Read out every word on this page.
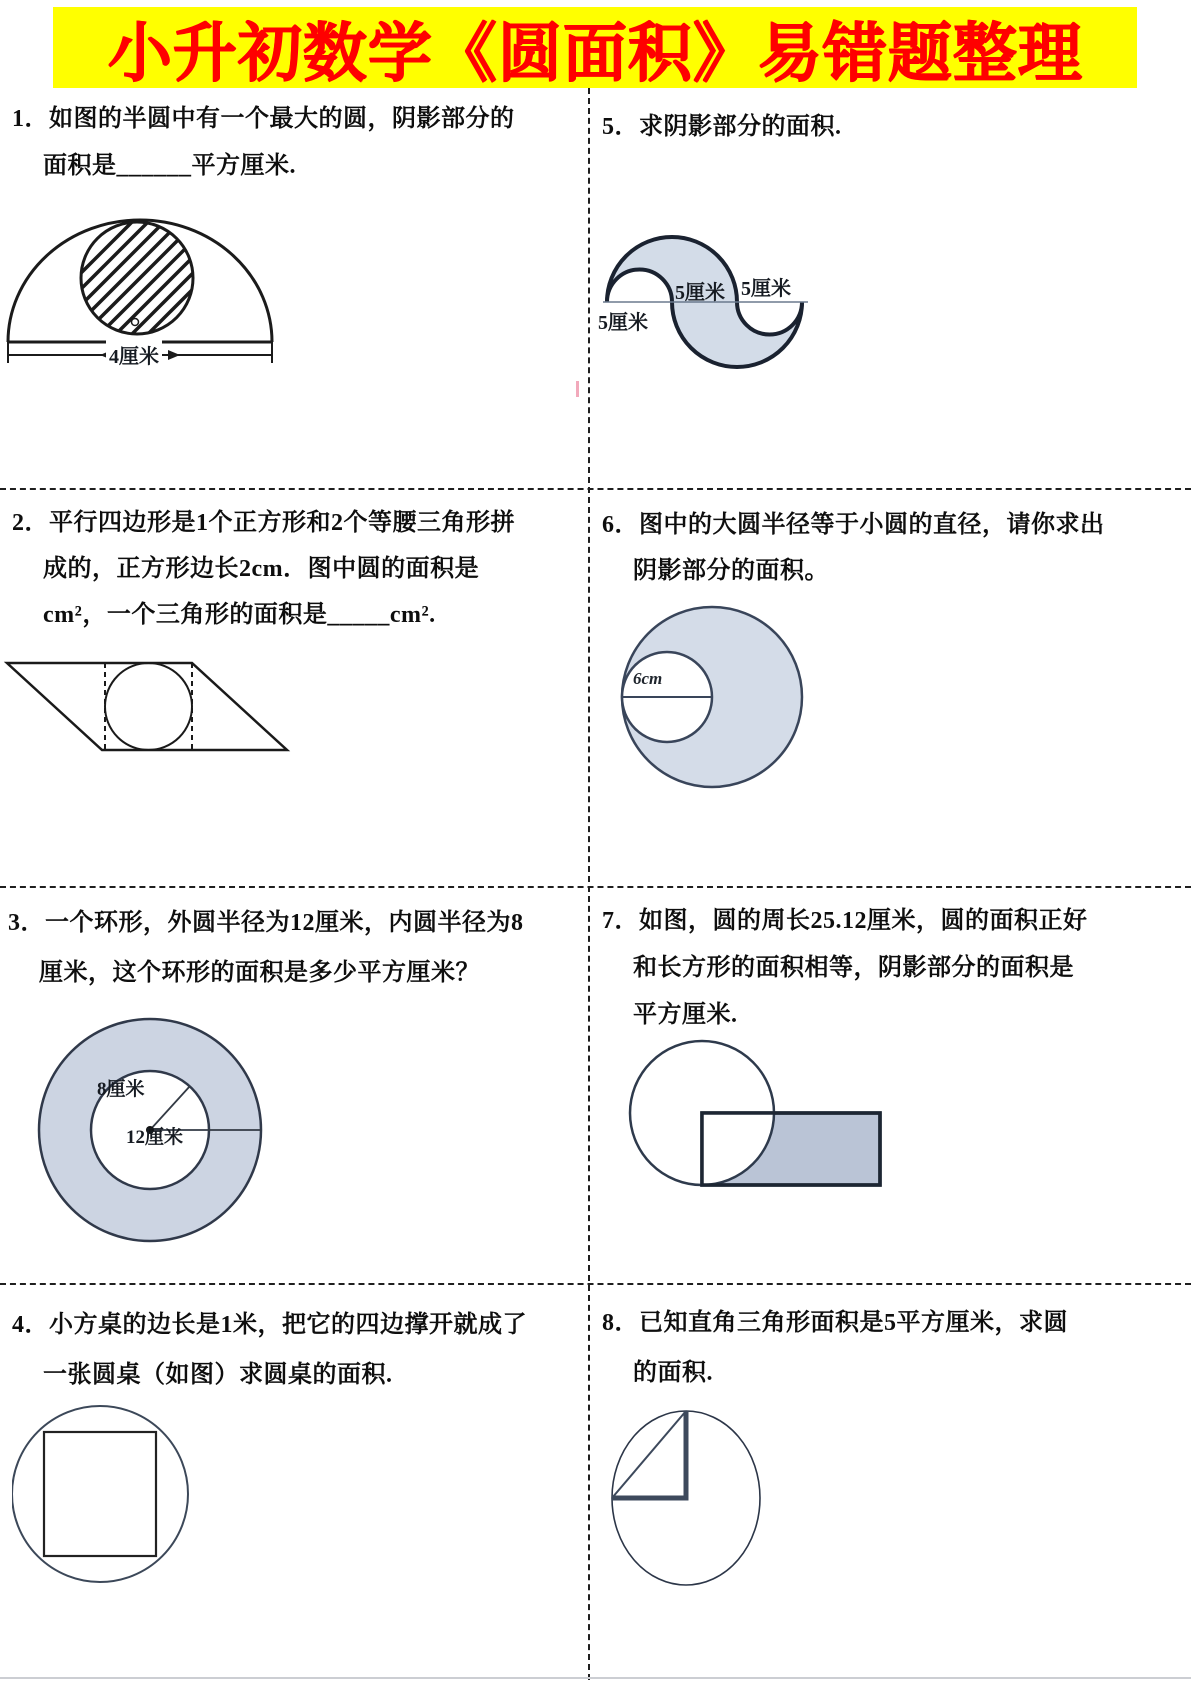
小升初数学《圆面积》易错题整理
1．如图的半圆中有一个最大的圆，阴影部分的
面积是______平方厘米.
4厘米
5．求阴影部分的面积.
5厘米 5厘米
5厘米
2．平行四边形是1个正方形和2个等腰三角形拼
成的，正方形边长2cm．图中圆的面积是
cm²，一个三角形的面积是_____cm².
6．图中的大圆半径等于小圆的直径，请你求出
阴影部分的面积。
6cm
3．一个环形，外圆半径为12厘米，内圆半径为8
厘米，这个环形的面积是多少平方厘米？
8厘米
12厘米
7．如图，圆的周长25.12厘米，圆的面积正好
和长方形的面积相等，阴影部分的面积是
平方厘米.
4．小方桌的边长是1米，把它的四边撑开就成了
一张圆桌（如图）求圆桌的面积.
8．已知直角三角形面积是5平方厘米，求圆
的面积.
